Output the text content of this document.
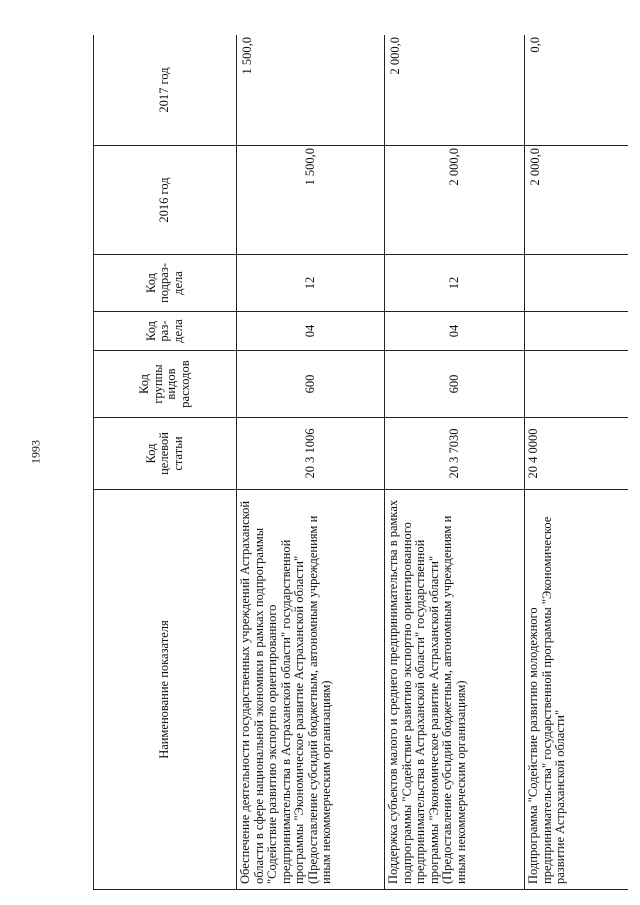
1993
Наименование показателя	Код целевой статьи	Код группы видов расходов	Код раз-дела	Код подраз-дела	2016 год	2017 год
Обеспечение деятельности государственных учреждений Астраханской области в сфере национальной экономики в рамках подпрограммы "Содействие развитию экспортно ориентированного предпринимательства в Астраханской области" государственной программы "Экономическое развитие Астраханской области" (Предоставление субсидий бюджетным, автономным учреждениям и иным некоммерческим организациям)	20 3 1006	600	04	12	1 500,0	1 500,0
Поддержка субъектов малого и среднего предпринимательства в рамках подпрограммы "Содействие развитию экспортно ориентированного предпринимательства в Астраханской области" государственной программы "Экономическое развитие Астраханской области" (Предоставление субсидий бюджетным, автономным учреждениям и иным некоммерческим организациям)	20 3 7030	600	04	12	2 000,0	2 000,0
Подпрограмма "Содействие развитию молодежного предпринимательства" государственной программы "Экономическое развитие Астраханской области"	20 4 0000				2 000,0	0,0
